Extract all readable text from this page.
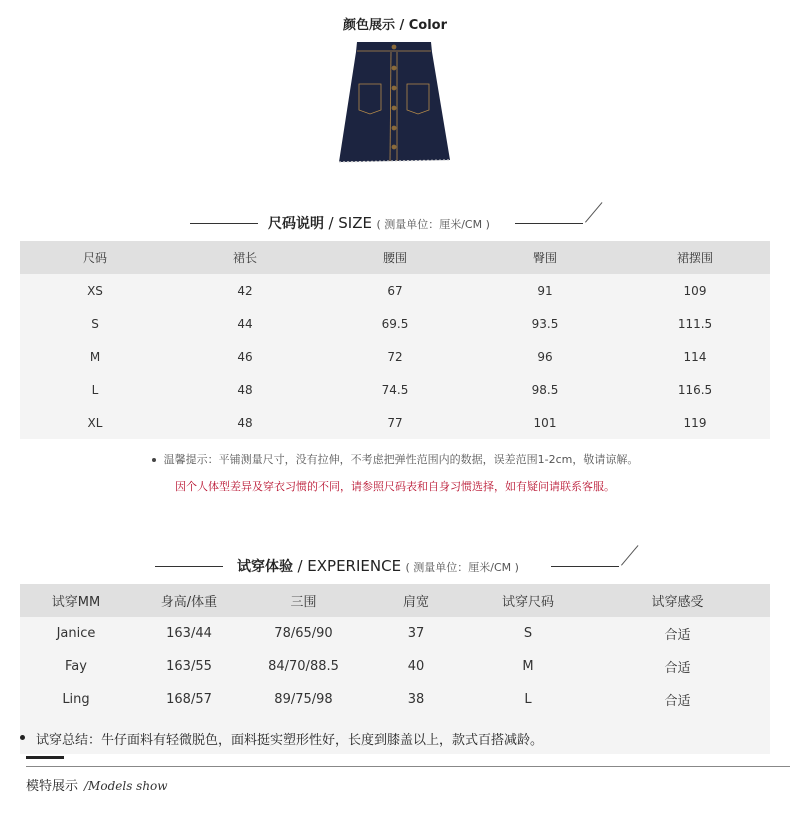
颜色展示 / Color
尺码说明 / SIZE ( 测量单位：厘米/CM )
尺码	裙长	腰围	臀围	裙摆围
XS	42	67	91	109
S	44	69.5	93.5	111.5
M	46	72	96	114
L	48	74.5	98.5	116.5
XL	48	77	101	119
温馨提示：平铺测量尺寸，没有拉伸，不考虑把弹性范围内的数据，误差范围1-2cm，敬请谅解。
因个人体型差异及穿衣习惯的不同，请参照尺码表和自身习惯选择，如有疑问请联系客服。
试穿体验 / EXPERIENCE ( 测量单位：厘米/CM )
试穿MM	身高/体重	三围	肩宽	试穿尺码	试穿感受
Janice	163/44	78/65/90	37	S	合适
Fay	163/55	84/70/88.5	40	M	合适
Ling	168/57	89/75/98	38	L	合适
试穿总结：牛仔面料有轻微脱色，面料挺实塑形性好，长度到膝盖以上，款式百搭减龄。
模特展示 /Models show
